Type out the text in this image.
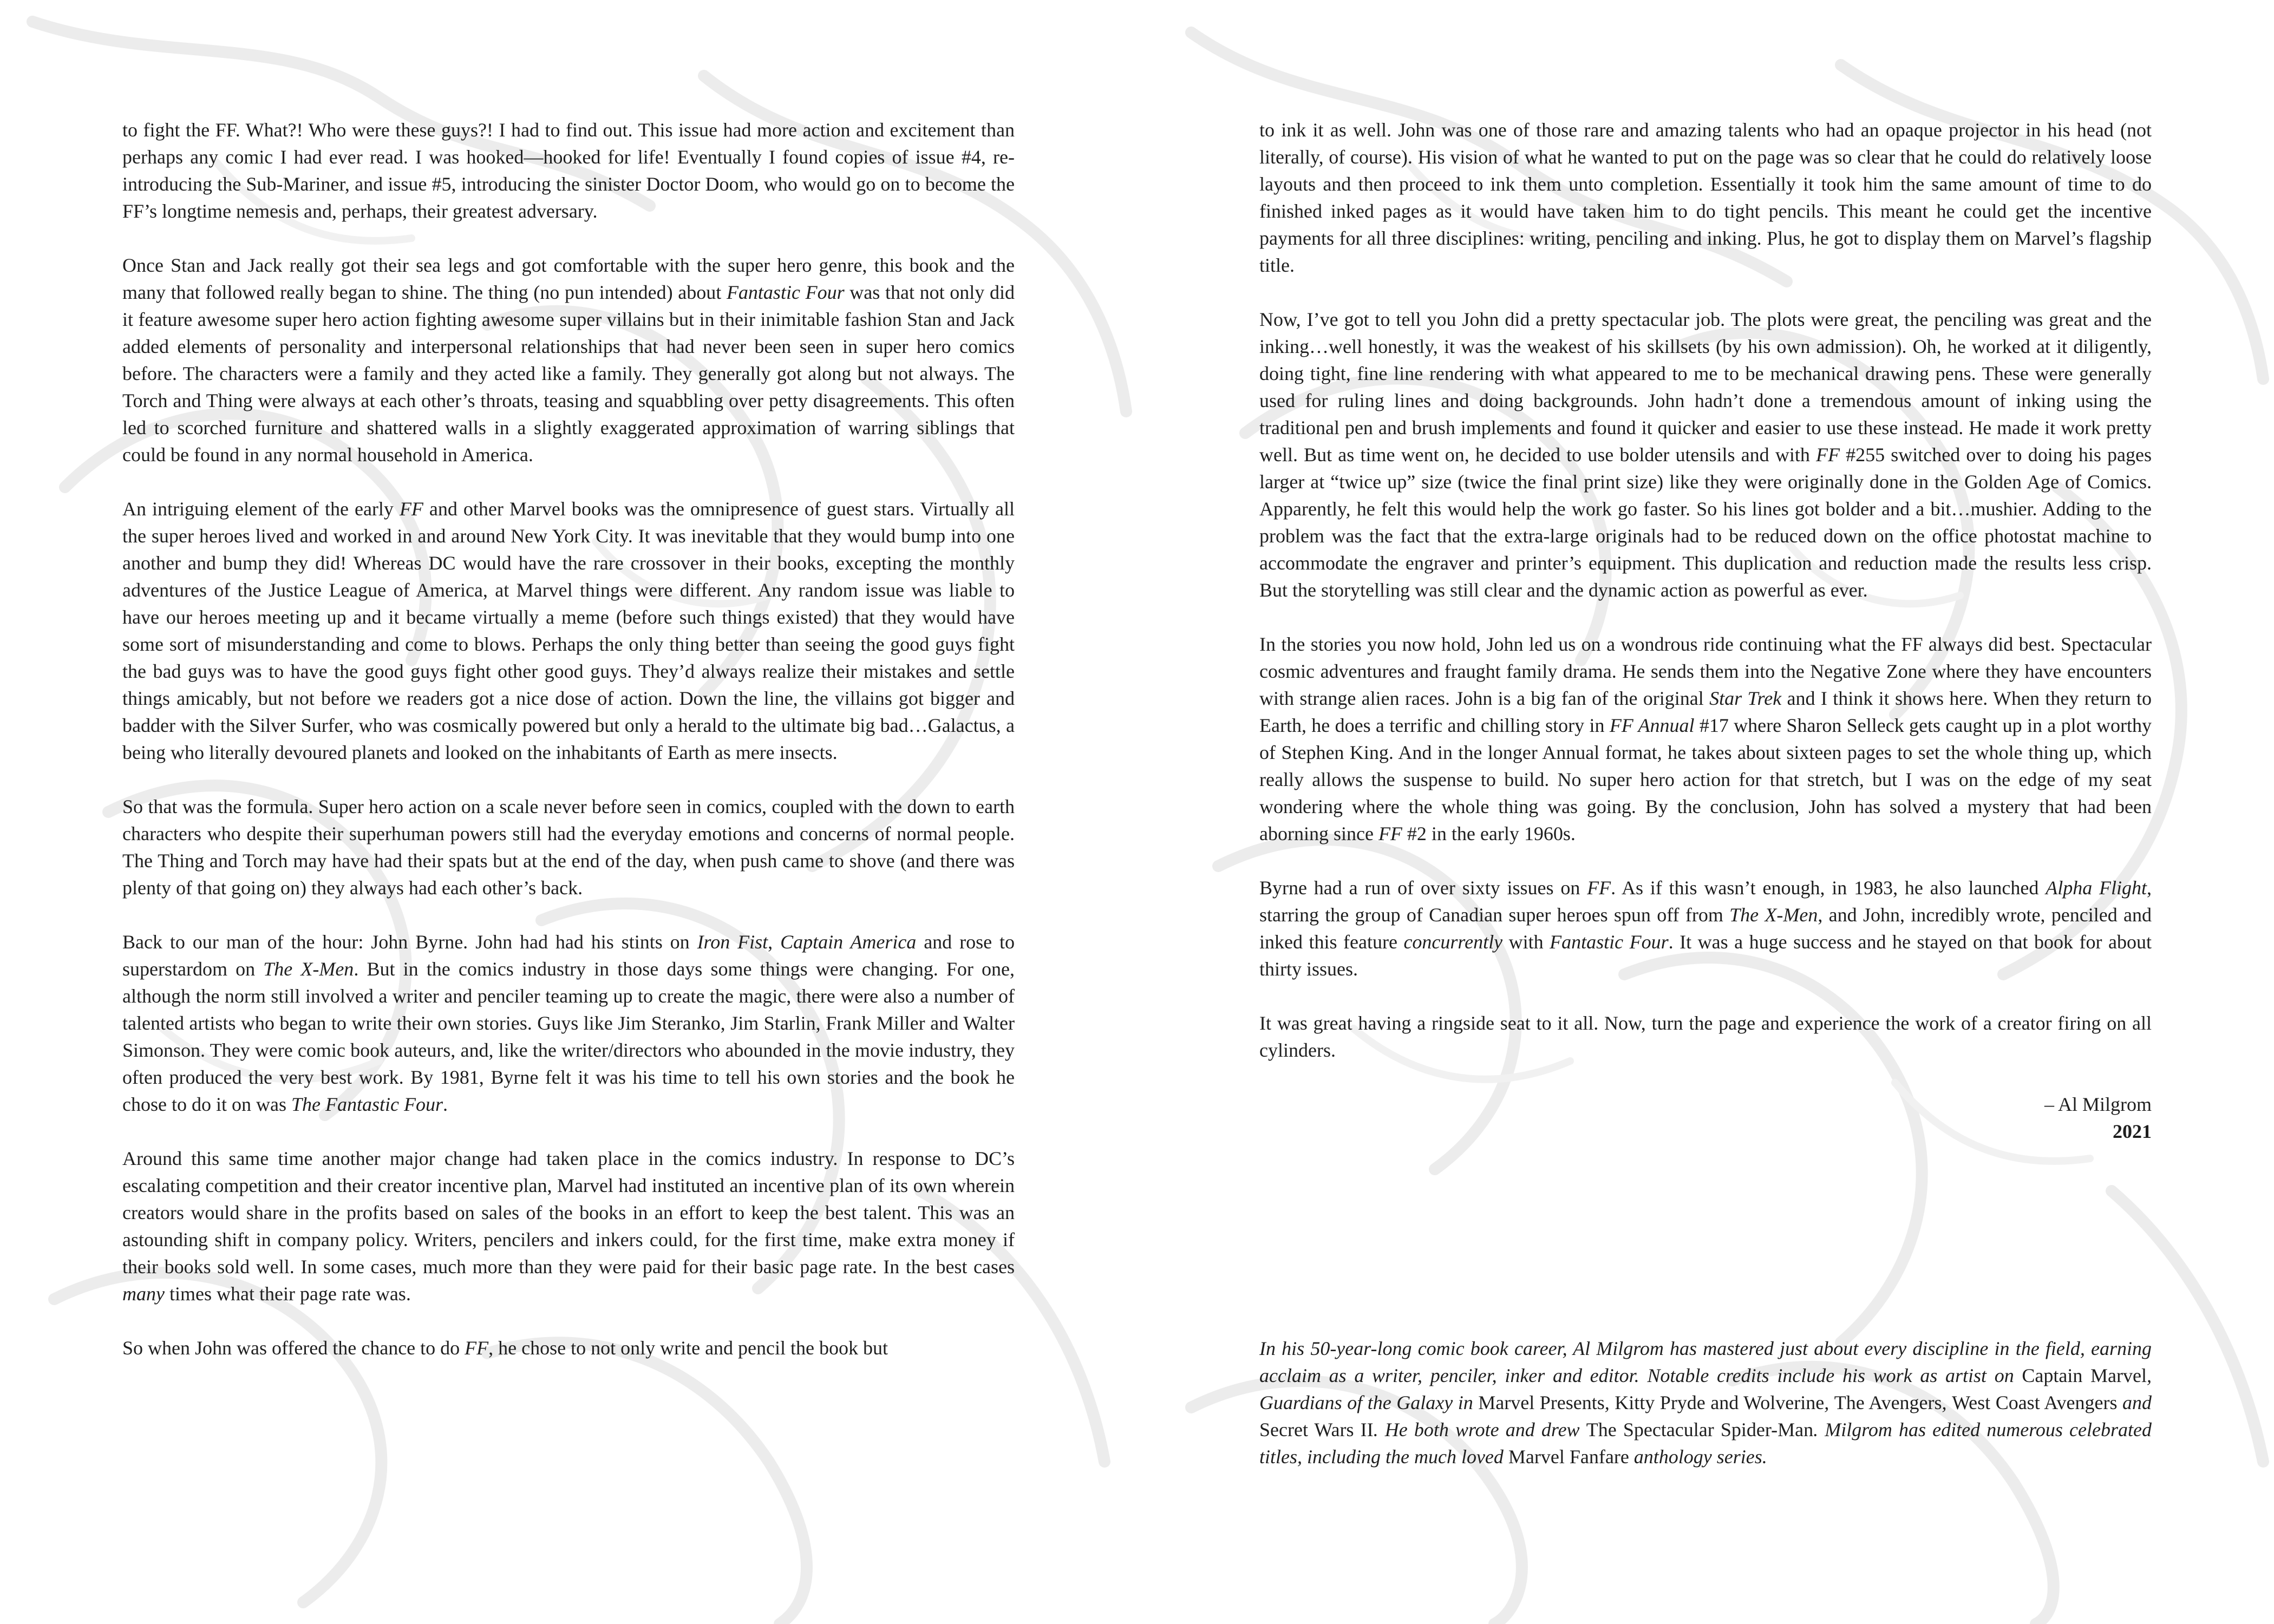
to fight the FF. What?! Who were these guys?! I had to find out. This issue had more action and excitement than perhaps any comic I had ever read. I was hooked—hooked for life! Eventually I found copies of issue #4, re-introducing the Sub-Mariner, and issue #5, introducing the sinister Doctor Doom, who would go on to become the FF’s longtime nemesis and, perhaps, their greatest adversary.

Once Stan and Jack really got their sea legs and got comfortable with the super hero genre, this book and the many that followed really began to shine. The thing (no pun intended) about Fantastic Four was that not only did it feature awesome super hero action fighting awesome super villains but in their inimitable fashion Stan and Jack added elements of personality and interpersonal relationships that had never been seen in super hero comics before. The characters were a family and they acted like a family. They generally got along but not always. The Torch and Thing were always at each other’s throats, teasing and squabbling over petty disagreements. This often led to scorched furniture and shattered walls in a slightly exaggerated approximation of warring siblings that could be found in any normal household in America.

An intriguing element of the early FF and other Marvel books was the omnipresence of guest stars. Virtually all the super heroes lived and worked in and around New York City. It was inevitable that they would bump into one another and bump they did! Whereas DC would have the rare crossover in their books, excepting the monthly adventures of the Justice League of America, at Marvel things were different. Any random issue was liable to have our heroes meeting up and it became virtually a meme (before such things existed) that they would have some sort of misunderstanding and come to blows. Perhaps the only thing better than seeing the good guys fight the bad guys was to have the good guys fight other good guys. They’d always realize their mistakes and settle things amicably, but not before we readers got a nice dose of action. Down the line, the villains got bigger and badder with the Silver Surfer, who was cosmically powered but only a herald to the ultimate big bad…Galactus, a being who literally devoured planets and looked on the inhabitants of Earth as mere insects.

So that was the formula. Super hero action on a scale never before seen in comics, coupled with the down to earth characters who despite their superhuman powers still had the everyday emotions and concerns of normal people. The Thing and Torch may have had their spats but at the end of the day, when push came to shove (and there was plenty of that going on) they always had each other’s back.

Back to our man of the hour: John Byrne. John had had his stints on Iron Fist, Captain America and rose to superstardom on The X-Men. But in the comics industry in those days some things were changing. For one, although the norm still involved a writer and penciler teaming up to create the magic, there were also a number of talented artists who began to write their own stories. Guys like Jim Steranko, Jim Starlin, Frank Miller and Walter Simonson. They were comic book auteurs, and, like the writer/directors who abounded in the movie industry, they often produced the very best work. By 1981, Byrne felt it was his time to tell his own stories and the book he chose to do it on was The Fantastic Four.

Around this same time another major change had taken place in the comics industry. In response to DC’s escalating competition and their creator incentive plan, Marvel had instituted an incentive plan of its own wherein creators would share in the profits based on sales of the books in an effort to keep the best talent. This was an astounding shift in company policy. Writers, pencilers and inkers could, for the first time, make extra money if their books sold well. In some cases, much more than they were paid for their basic page rate. In the best cases many times what their page rate was.

So when John was offered the chance to do FF, he chose to not only write and pencil the book but

to ink it as well. John was one of those rare and amazing talents who had an opaque projector in his head (not literally, of course). His vision of what he wanted to put on the page was so clear that he could do relatively loose layouts and then proceed to ink them unto completion. Essentially it took him the same amount of time to do finished inked pages as it would have taken him to do tight pencils. This meant he could get the incentive payments for all three disciplines: writing, penciling and inking. Plus, he got to display them on Marvel’s flagship title.

Now, I’ve got to tell you John did a pretty spectacular job. The plots were great, the penciling was great and the inking…well honestly, it was the weakest of his skillsets (by his own admission). Oh, he worked at it diligently, doing tight, fine line rendering with what appeared to me to be mechanical drawing pens. These were generally used for ruling lines and doing backgrounds. John hadn’t done a tremendous amount of inking using the traditional pen and brush implements and found it quicker and easier to use these instead. He made it work pretty well. But as time went on, he decided to use bolder utensils and with FF #255 switched over to doing his pages larger at “twice up” size (twice the final print size) like they were originally done in the Golden Age of Comics. Apparently, he felt this would help the work go faster. So his lines got bolder and a bit…mushier. Adding to the problem was the fact that the extra-large originals had to be reduced down on the office photostat machine to accommodate the engraver and printer’s equipment. This duplication and reduction made the results less crisp. But the storytelling was still clear and the dynamic action as powerful as ever.

In the stories you now hold, John led us on a wondrous ride continuing what the FF always did best. Spectacular cosmic adventures and fraught family drama. He sends them into the Negative Zone where they have encounters with strange alien races. John is a big fan of the original Star Trek and I think it shows here. When they return to Earth, he does a terrific and chilling story in FF Annual #17 where Sharon Selleck gets caught up in a plot worthy of Stephen King. And in the longer Annual format, he takes about sixteen pages to set the whole thing up, which really allows the suspense to build. No super hero action for that stretch, but I was on the edge of my seat wondering where the whole thing was going. By the conclusion, John has solved a mystery that had been aborning since FF #2 in the early 1960s.

Byrne had a run of over sixty issues on FF. As if this wasn’t enough, in 1983, he also launched Alpha Flight, starring the group of Canadian super heroes spun off from The X-Men, and John, incredibly wrote, penciled and inked this feature concurrently with Fantastic Four. It was a huge success and he stayed on that book for about thirty issues.

It was great having a ringside seat to it all. Now, turn the page and experience the work of a creator firing on all cylinders.

– Al Milgrom
2021

In his 50-year-long comic book career, Al Milgrom has mastered just about every discipline in the field, earning acclaim as a writer, penciler, inker and editor. Notable credits include his work as artist on Captain Marvel, Guardians of the Galaxy in Marvel Presents, Kitty Pryde and Wolverine, The Avengers, West Coast Avengers and Secret Wars II. He both wrote and drew The Spectacular Spider-Man. Milgrom has edited numerous celebrated titles, including the much loved Marvel Fanfare anthology series.
